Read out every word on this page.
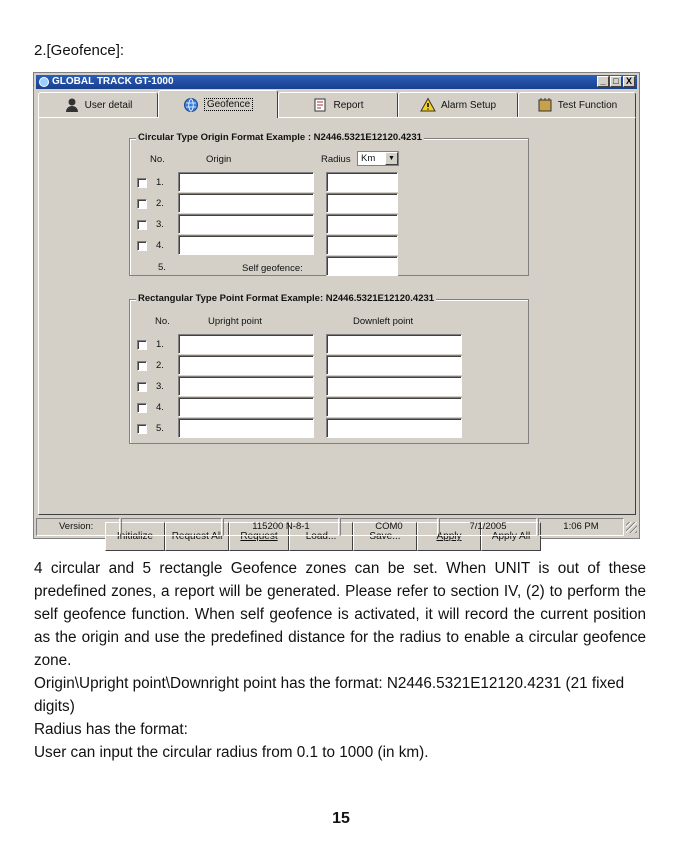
2.[Geofence]:
GLOBAL TRACK GT-1000	_ □ X
User detail	Geofence	Report	Alarm Setup	Test Function
Circular Type Origin Format Example : N2446.5321E12120.4231
No.	Origin	Radius	Km	▼
1.
2.
3.
4.
5.	Self geofence:
Rectangular Type Point Format Example: N2446.5321E12120.4231
No.	Upright point	Downleft point
1.
2.
3.
4.
5.
Initialize	Request All	Request	Load...	Save...	Apply	Apply All
Version:	115200 N-8-1	COM0	7/1/2005	1:06 PM

4 circular and 5 rectangle Geofence zones can be set. When UNIT is out of these predefined zones, a report will be generated. Please refer to section IV, (2) to perform the self geofence function. When self geofence is activated, it will record the current position as the origin and use the predefined distance for the radius to enable a circular geofence zone.

Origin\Upright point\Downright point has the format: N2446.5321E12120.4231 (21 fixed digits)

Radius has the format:

User can input the circular radius from 0.1 to 1000 (in km).

15
